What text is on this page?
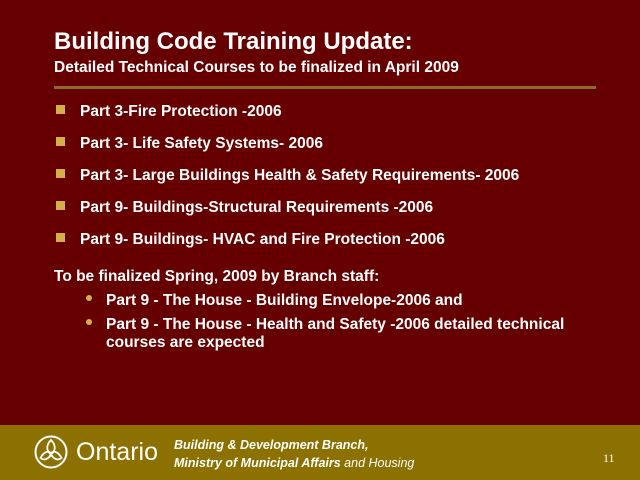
Building Code Training Update:
Detailed Technical Courses to be finalized in April 2009
Part 3-Fire Protection -2006
Part 3- Life Safety Systems- 2006
Part 3- Large Buildings Health & Safety Requirements- 2006
Part 9- Buildings-Structural Requirements -2006
Part 9- Buildings- HVAC and Fire Protection -2006
To be finalized Spring, 2009 by Branch staff:
Part 9 - The House - Building Envelope-2006 and
Part 9 - The House - Health and Safety -2006 detailed technical courses are expected
Ontario Building & Development Branch,
Ministry of Municipal Affairs and Housing	11
